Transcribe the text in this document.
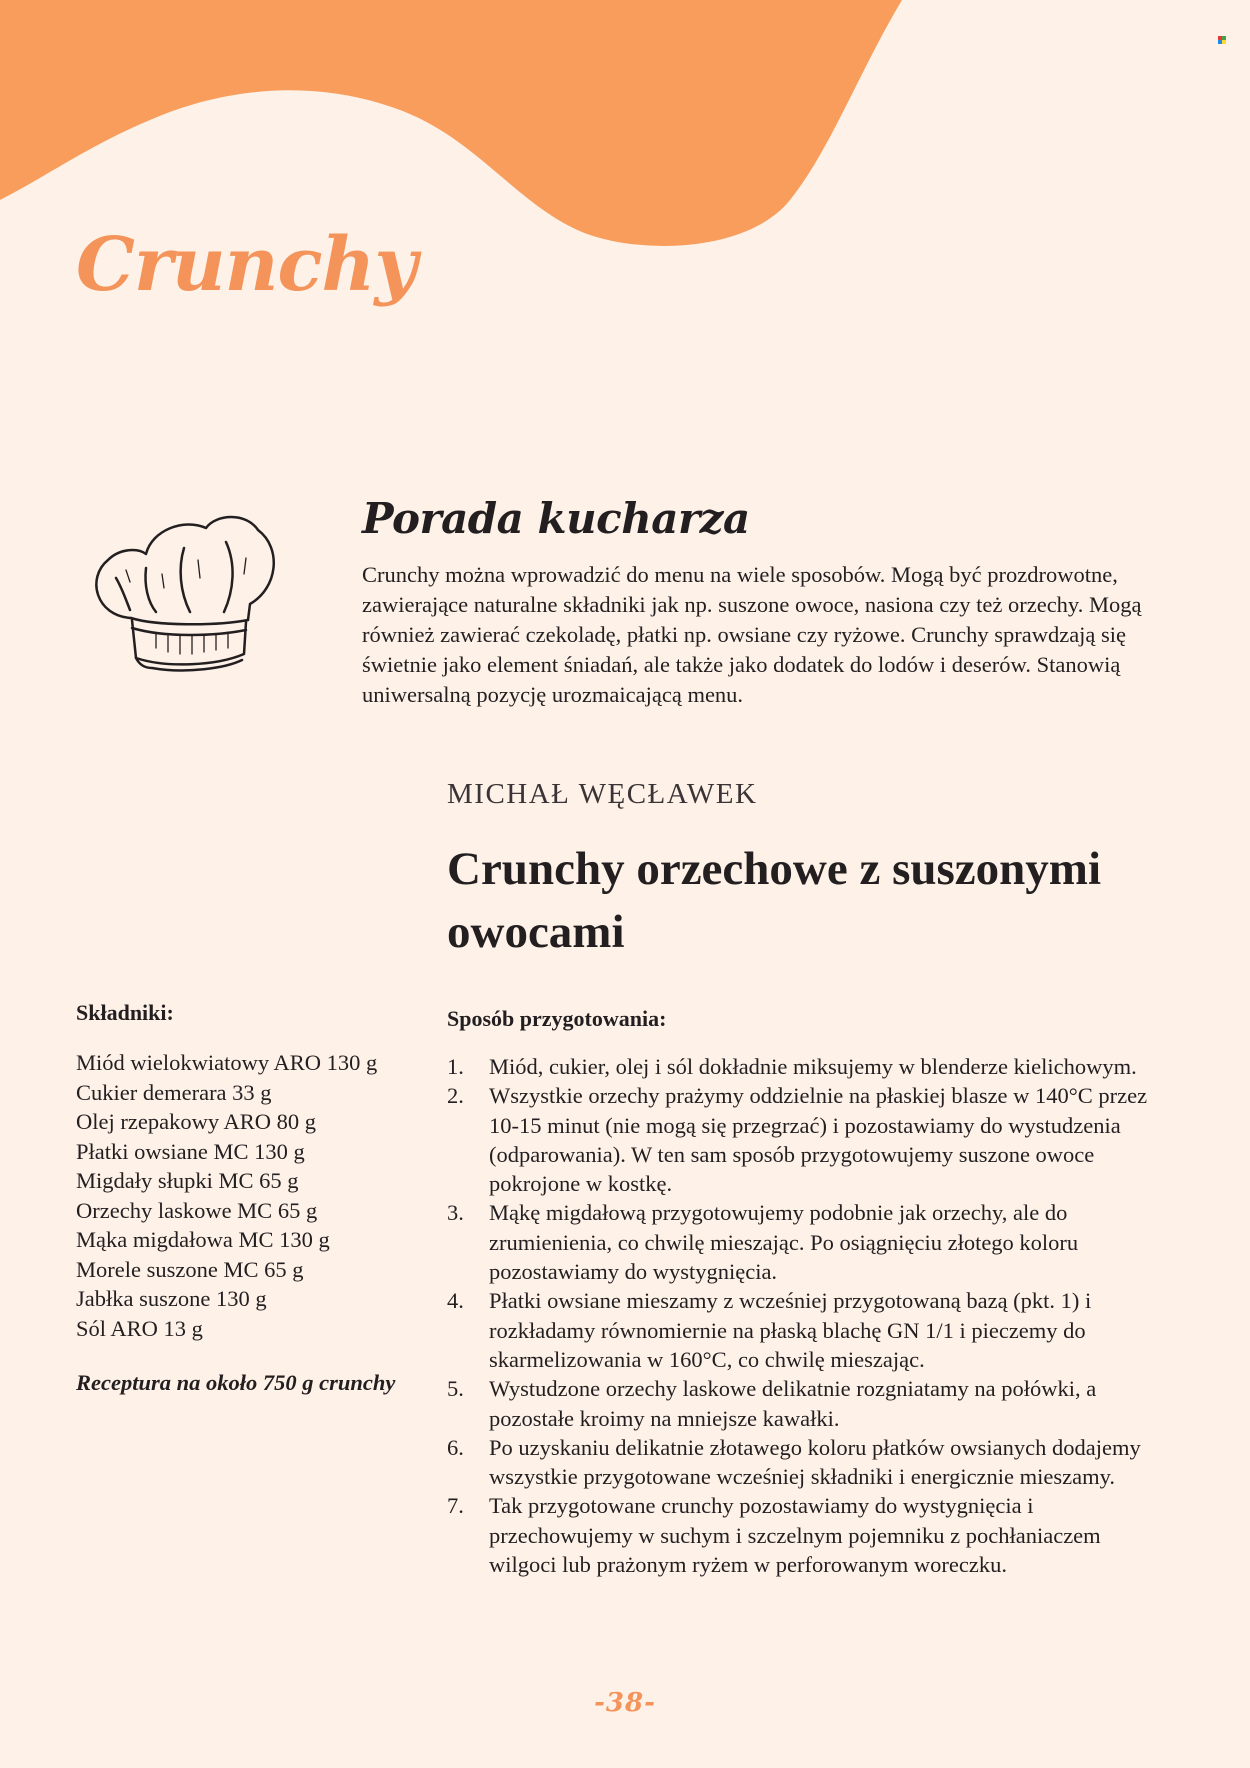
Crunchy
Porada kucharza

Crunchy można wprowadzić do menu na wiele sposobów. Mogą być prozdrowotne, zawierające naturalne składniki jak np. suszone owoce, nasiona czy też orzechy. Mogą również zawierać czekoladę, płatki np. owsiane czy ryżowe. Crunchy sprawdzają się świetnie jako element śniadań, ale także jako dodatek do lodów i deserów. Stanowią uniwersalną pozycję urozmaicającą menu.

MICHAŁ WĘCŁAWEK

Crunchy orzechowe z suszonymi owocami
Składniki:
Miód wielokwiatowy ARO 130 g
Cukier demerara 33 g
Olej rzepakowy ARO 80 g
Płatki owsiane MC 130 g
Migdały słupki MC 65 g
Orzechy laskowe MC 65 g
Mąka migdałowa MC 130 g
Morele suszone MC 65 g
Jabłka suszone 130 g
Sól ARO 13 g

Receptura na około 750 g crunchy

Sposób przygotowania:
1. Miód, cukier, olej i sól dokładnie miksujemy w blenderze kielichowym.
2. Wszystkie orzechy prażymy oddzielnie na płaskiej blasze w 140°C przez 10-15 minut (nie mogą się przegrzać) i pozostawiamy do wystudzenia (odparowania). W ten sam sposób przygotowujemy suszone owoce pokrojone w kostkę.
3. Mąkę migdałową przygotowujemy podobnie jak orzechy, ale do zrumienienia, co chwilę mieszając. Po osiągnięciu złotego koloru pozostawiamy do wystygnięcia.
4. Płatki owsiane mieszamy z wcześniej przygotowaną bazą (pkt. 1) i rozkładamy równomiernie na płaską blachę GN 1/1 i pieczemy do skarmelizowania w 160°C, co chwilę mieszając.
5. Wystudzone orzechy laskowe delikatnie rozgniatamy na połówki, a pozostałe kroimy na mniejsze kawałki.
6. Po uzyskaniu delikatnie złotawego koloru płatków owsianych dodajemy wszystkie przygotowane wcześniej składniki i energicznie mieszamy.
7. Tak przygotowane crunchy pozostawiamy do wystygnięcia i przechowujemy w suchym i szczelnym pojemniku z pochłaniaczem wilgoci lub prażonym ryżem w perforowanym woreczku.

-38-
